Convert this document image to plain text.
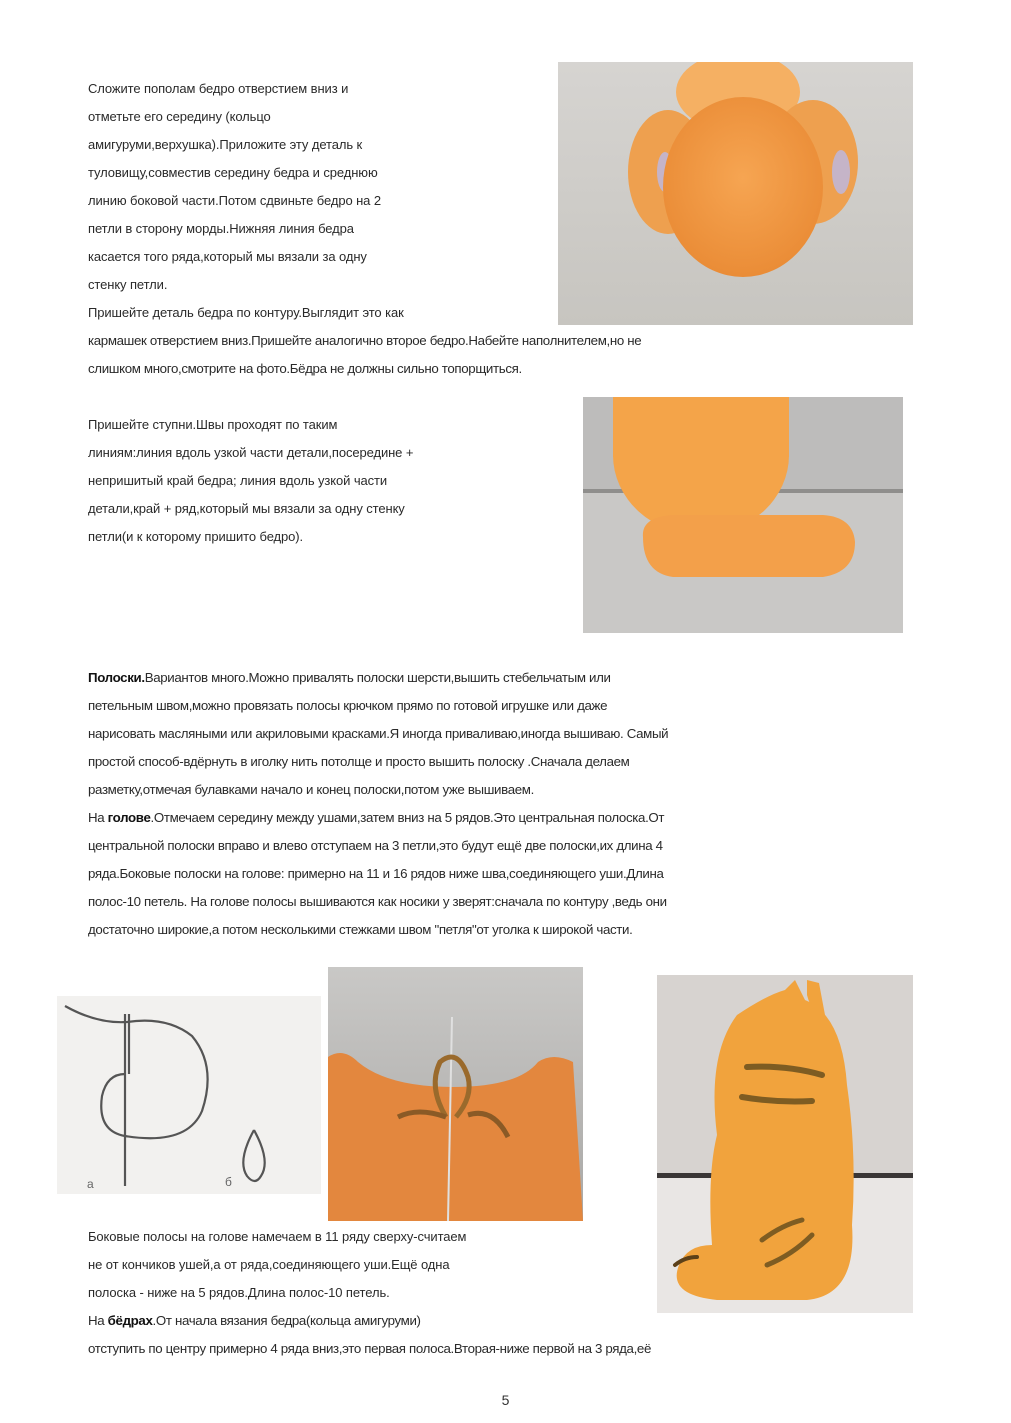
Сложите пополам бедро отверстием вниз и
отметьте его середину (кольцо
амигуруми,верхушка).Приложите эту деталь к
туловищу,совместив середину бедра и среднюю
линию боковой части.Потом сдвиньте бедро на 2
петли в сторону морды.Нижняя линия бедра
касается того ряда,который мы вязали за одну
стенку петли.
Пришейте деталь бедра по контуру.Выглядит это как
кармашек отверстием вниз.Пришейте аналогично второе бедро.Набейте наполнителем,но не
слишком много,смотрите на фото.Бёдра не должны сильно топорщиться.
Пришейте ступни.Швы проходят по таким
линиям:линия вдоль узкой части детали,посередине +
непришитый край бедра; линия вдоль узкой части
детали,край + ряд,который мы вязали за одну стенку
петли(и к которому пришито бедро).
Полоски.Вариантов много.Можно привалять полоски шерсти,вышить стебельчатым или
петельным швом,можно провязать полосы крючком прямо по готовой игрушке или даже
нарисовать масляными или акриловыми красками.Я иногда приваливаю,иногда вышиваю. Самый
простой способ-вдёрнуть в иголку нить потолще и просто вышить полоску .Сначала делаем
разметку,отмечая булавками начало и конец полоски,потом уже вышиваем.
На голове.Отмечаем середину между ушами,затем вниз на 5 рядов.Это центральная полоска.От
центральной полоски вправо и влево отступаем на 3 петли,это будут ещё две полоски,их длина 4
ряда.Боковые полоски на голове: примерно на 11 и 16 рядов ниже шва,соединяющего уши.Длина
полос-10 петель. На голове полосы вышиваются как носики у зверят:сначала по контуру ,ведь они
достаточно широкие,а потом несколькими стежками швом "петля"от уголка к широкой части.
а	б
Боковые полосы на голове намечаем в 11 ряду сверху-считаем
не от кончиков ушей,а от ряда,соединяющего уши.Ещё одна
полоска - ниже на 5 рядов.Длина полос-10 петель.
На бёдрах.От начала вязания бедра(кольца амигуруми)
отступить по центру примерно 4 ряда вниз,это первая полоса.Вторая-ниже первой на 3 ряда,её
5
